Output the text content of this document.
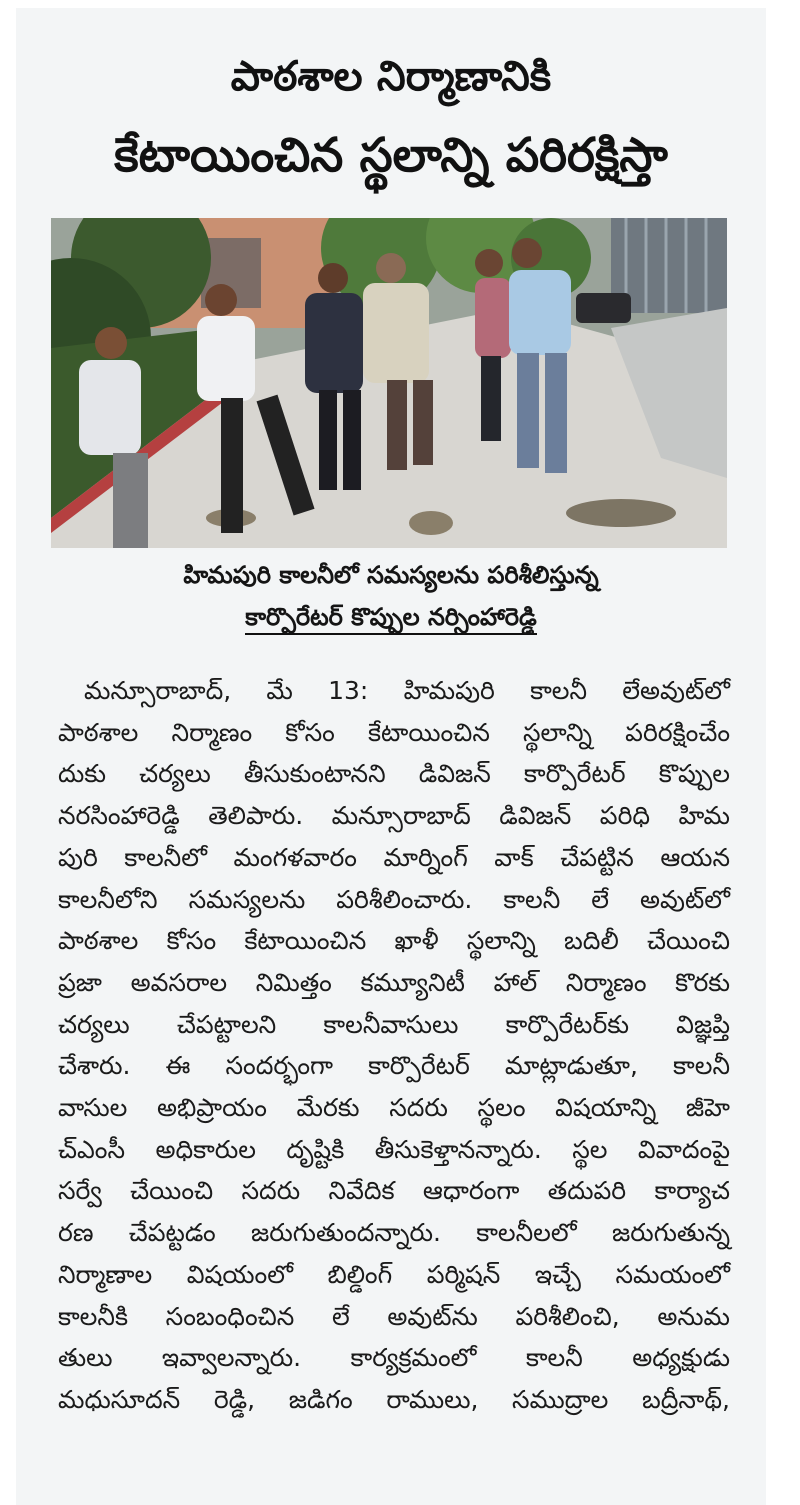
పాఠశాల నిర్మాణానికి
కేటాయించిన స్థలాన్ని పరిరక్షిస్తా
హిమపురి కాలనీలో సమస్యలను పరిశీలిస్తున్న
కార్పొరేటర్ కొప్పుల నర్సింహారెడ్డి

మన్సూరాబాద్, మే 13: హిమపురి కాలనీ లేఅవుట్‌లో

పాఠశాల నిర్మాణం కోసం కేటాయించిన స్థలాన్ని పరిరక్షించేం

దుకు చర్యలు తీసుకుంటానని డివిజన్ కార్పొరేటర్ కొప్పుల

నరసింహారెడ్డి తెలిపారు. మన్సూరాబాద్ డివిజన్ పరిధి హిమ

పురి కాలనీలో మంగళవారం మార్నింగ్ వాక్ చేపట్టిన ఆయన

కాలనీలోని సమస్యలను పరిశీలించారు. కాలనీ లే అవుట్‌లో

పాఠశాల కోసం కేటాయించిన ఖాళీ స్థలాన్ని బదిలీ చేయించి

ప్రజా అవసరాల నిమిత్తం కమ్యూనిటీ హాల్ నిర్మాణం కొరకు

చర్యలు చేపట్టాలని కాలనీవాసులు కార్పొరేటర్‌కు విజ్ఞప్తి

చేశారు. ఈ సందర్భంగా కార్పొరేటర్ మాట్లాడుతూ, కాలనీ

వాసుల అభిప్రాయం మేరకు సదరు స్థలం విషయాన్ని జీహె

చ్ఎంసీ అధికారుల దృష్టికి తీసుకెళ్తానన్నారు. స్థల వివాదంపై

సర్వే చేయించి సదరు నివేదిక ఆధారంగా తదుపరి కార్యాచ

రణ చేపట్టడం జరుగుతుందన్నారు. కాలనీలలో జరుగుతున్న

నిర్మాణాల విషయంలో బిల్డింగ్ పర్మిషన్ ఇచ్చే సమయంలో

కాలనీకి సంబంధించిన లే అవుట్‌ను పరిశీలించి, అనుమ

తులు ఇవ్వాలన్నారు. కార్యక్రమంలో కాలనీ అధ్యక్షుడు

మధుసూదన్ రెడ్డి, జడిగం రాములు, సముద్రాల బద్రీనాథ్,
